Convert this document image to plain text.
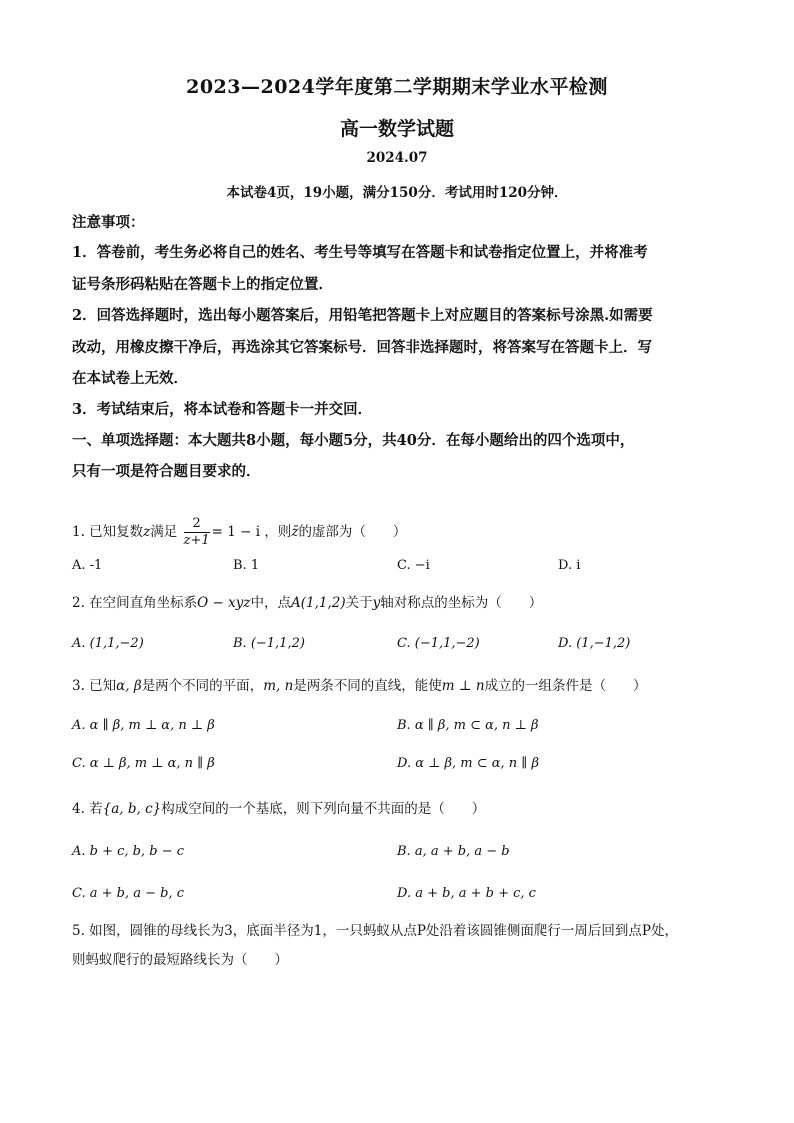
2023—2024学年度第二学期期末学业水平检测
高一数学试题
2024.07
本试卷4页，19小题，满分150分．考试用时120分钟．
注意事项：
1．答卷前，考生务必将自己的姓名、考生号等填写在答题卡和试卷指定位置上，并将准考
证号条形码粘贴在答题卡上的指定位置．
2．回答选择题时，选出每小题答案后，用铅笔把答题卡上对应题目的答案标号涂黑.如需要
改动，用橡皮擦干净后，再选涂其它答案标号．回答非选择题时，将答案写在答题卡上．写
在本试卷上无效．
3．考试结束后，将本试卷和答题卡一并交回．
一、单项选择题：本大题共8小题，每小题5分，共40分．在每小题给出的四个选项中，
只有一项是符合题目要求的．
1. 已知复数z满足 $\frac{2}{z+1} = 1 - i$ ，则z̄的虚部为（　　）
A. -1	B. 1	C. −i	D. i
2. 在空间直角坐标系O − xyz中，点A(1,1,2)关于y轴对称点的坐标为（　　）
A. (1,1,−2)	B. (−1,1,2)	C. (−1,1,−2)	D. (1,−1,2)
3. 已知α, β是两个不同的平面，m, n是两条不同的直线，能使m ⊥ n成立的一组条件是（　　）
A. α ∥ β, m ⊥ α, n ⊥ β	B. α ∥ β, m ⊂ α, n ⊥ β
C. α ⊥ β, m ⊥ α, n ∥ β	D. α ⊥ β, m ⊂ α, n ∥ β
4. 若{a, b, c}构成空间的一个基底，则下列向量不共面的是（　　）
A. b + c, b, b − c	B. a, a + b, a − b
C. a + b, a − b, c	D. a + b, a + b + c, c
5. 如图，圆锥的母线长为3，底面半径为1，一只蚂蚁从点P处沿着该圆锥侧面爬行一周后回到点P处，
则蚂蚁爬行的最短路线长为（　　）
